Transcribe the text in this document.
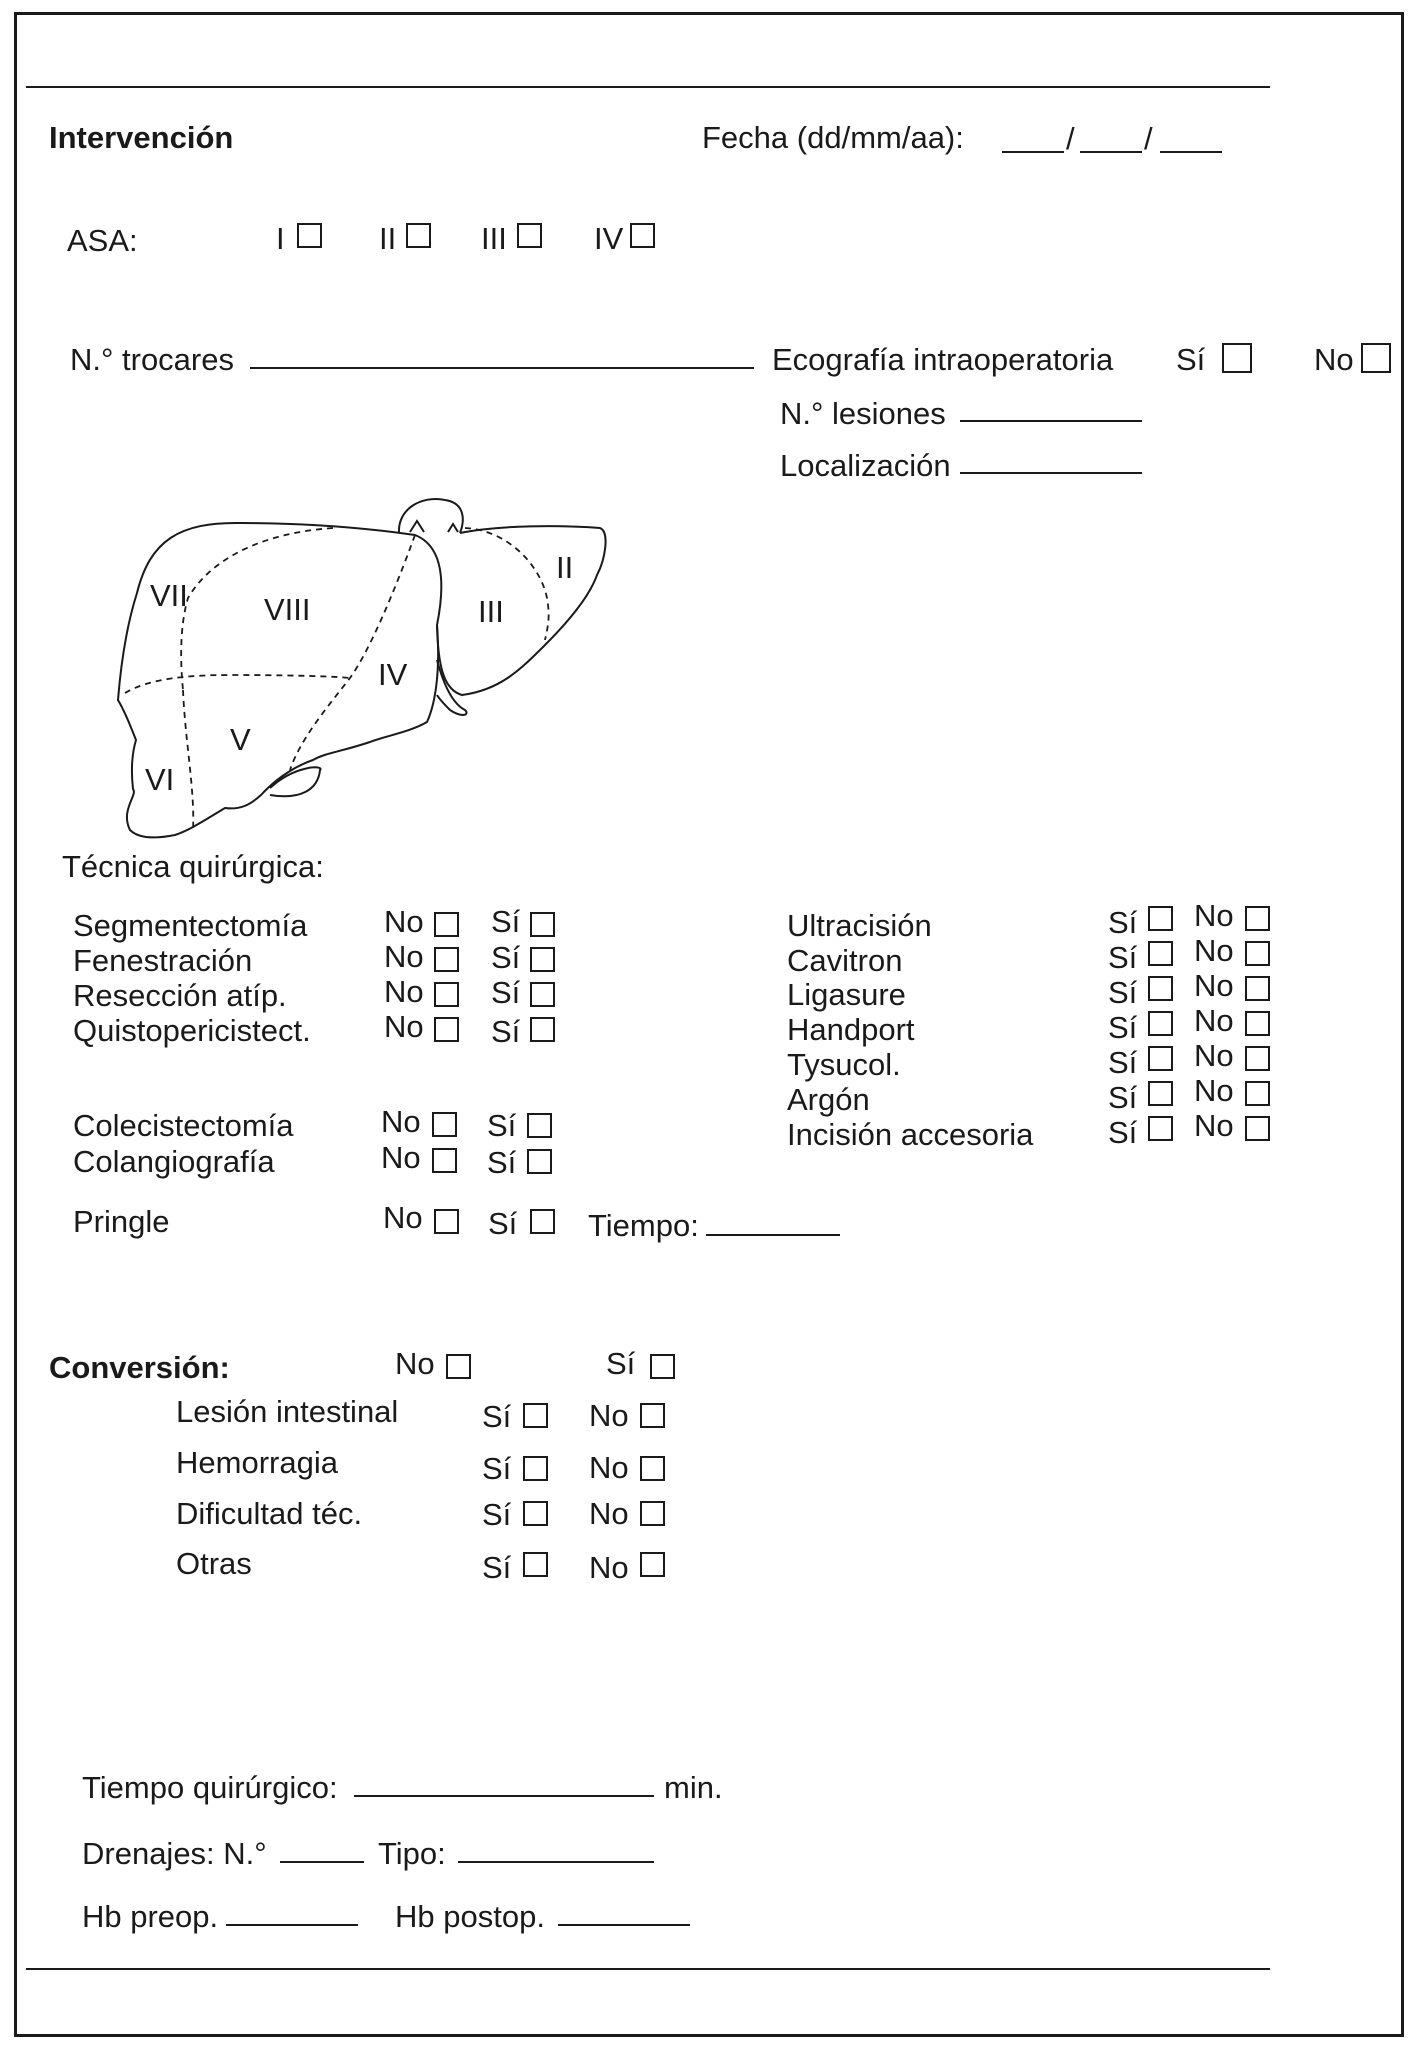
Intervención	Fecha (dd/mm/aa):	/ /
ASA:	I	II	III	IV
N.° trocares	Ecografía intraoperatoria Sí	No
N.° lesiones
Localización
VII VIII
IV
III
II
V
VI
Técnica quirúrgica:
Segmentectomía No Sí
Fenestración	No Sí
Resección atíp.	No Sí
Quistopericistect. No Sí
Colecistectomía	No Sí
Colangiografía	No Sí
Pringle	No Sí Tiempo:
Ultracisión	Sí No
Cavitron	Sí No
Ligasure	Sí No
Handport	Sí No
Tysucol.	Sí No
Argón	Sí No
Incisión accesoria Sí No
Conversión:	No	Sí
Lesión intestinal	Sí	No
Hemorragia	Sí	No
Dificultad téc.	Sí	No
Otras	Sí	No
Tiempo quirúrgico:	min.
Drenajes: N.°	Tipo:
Hb preop.	Hb postop.
